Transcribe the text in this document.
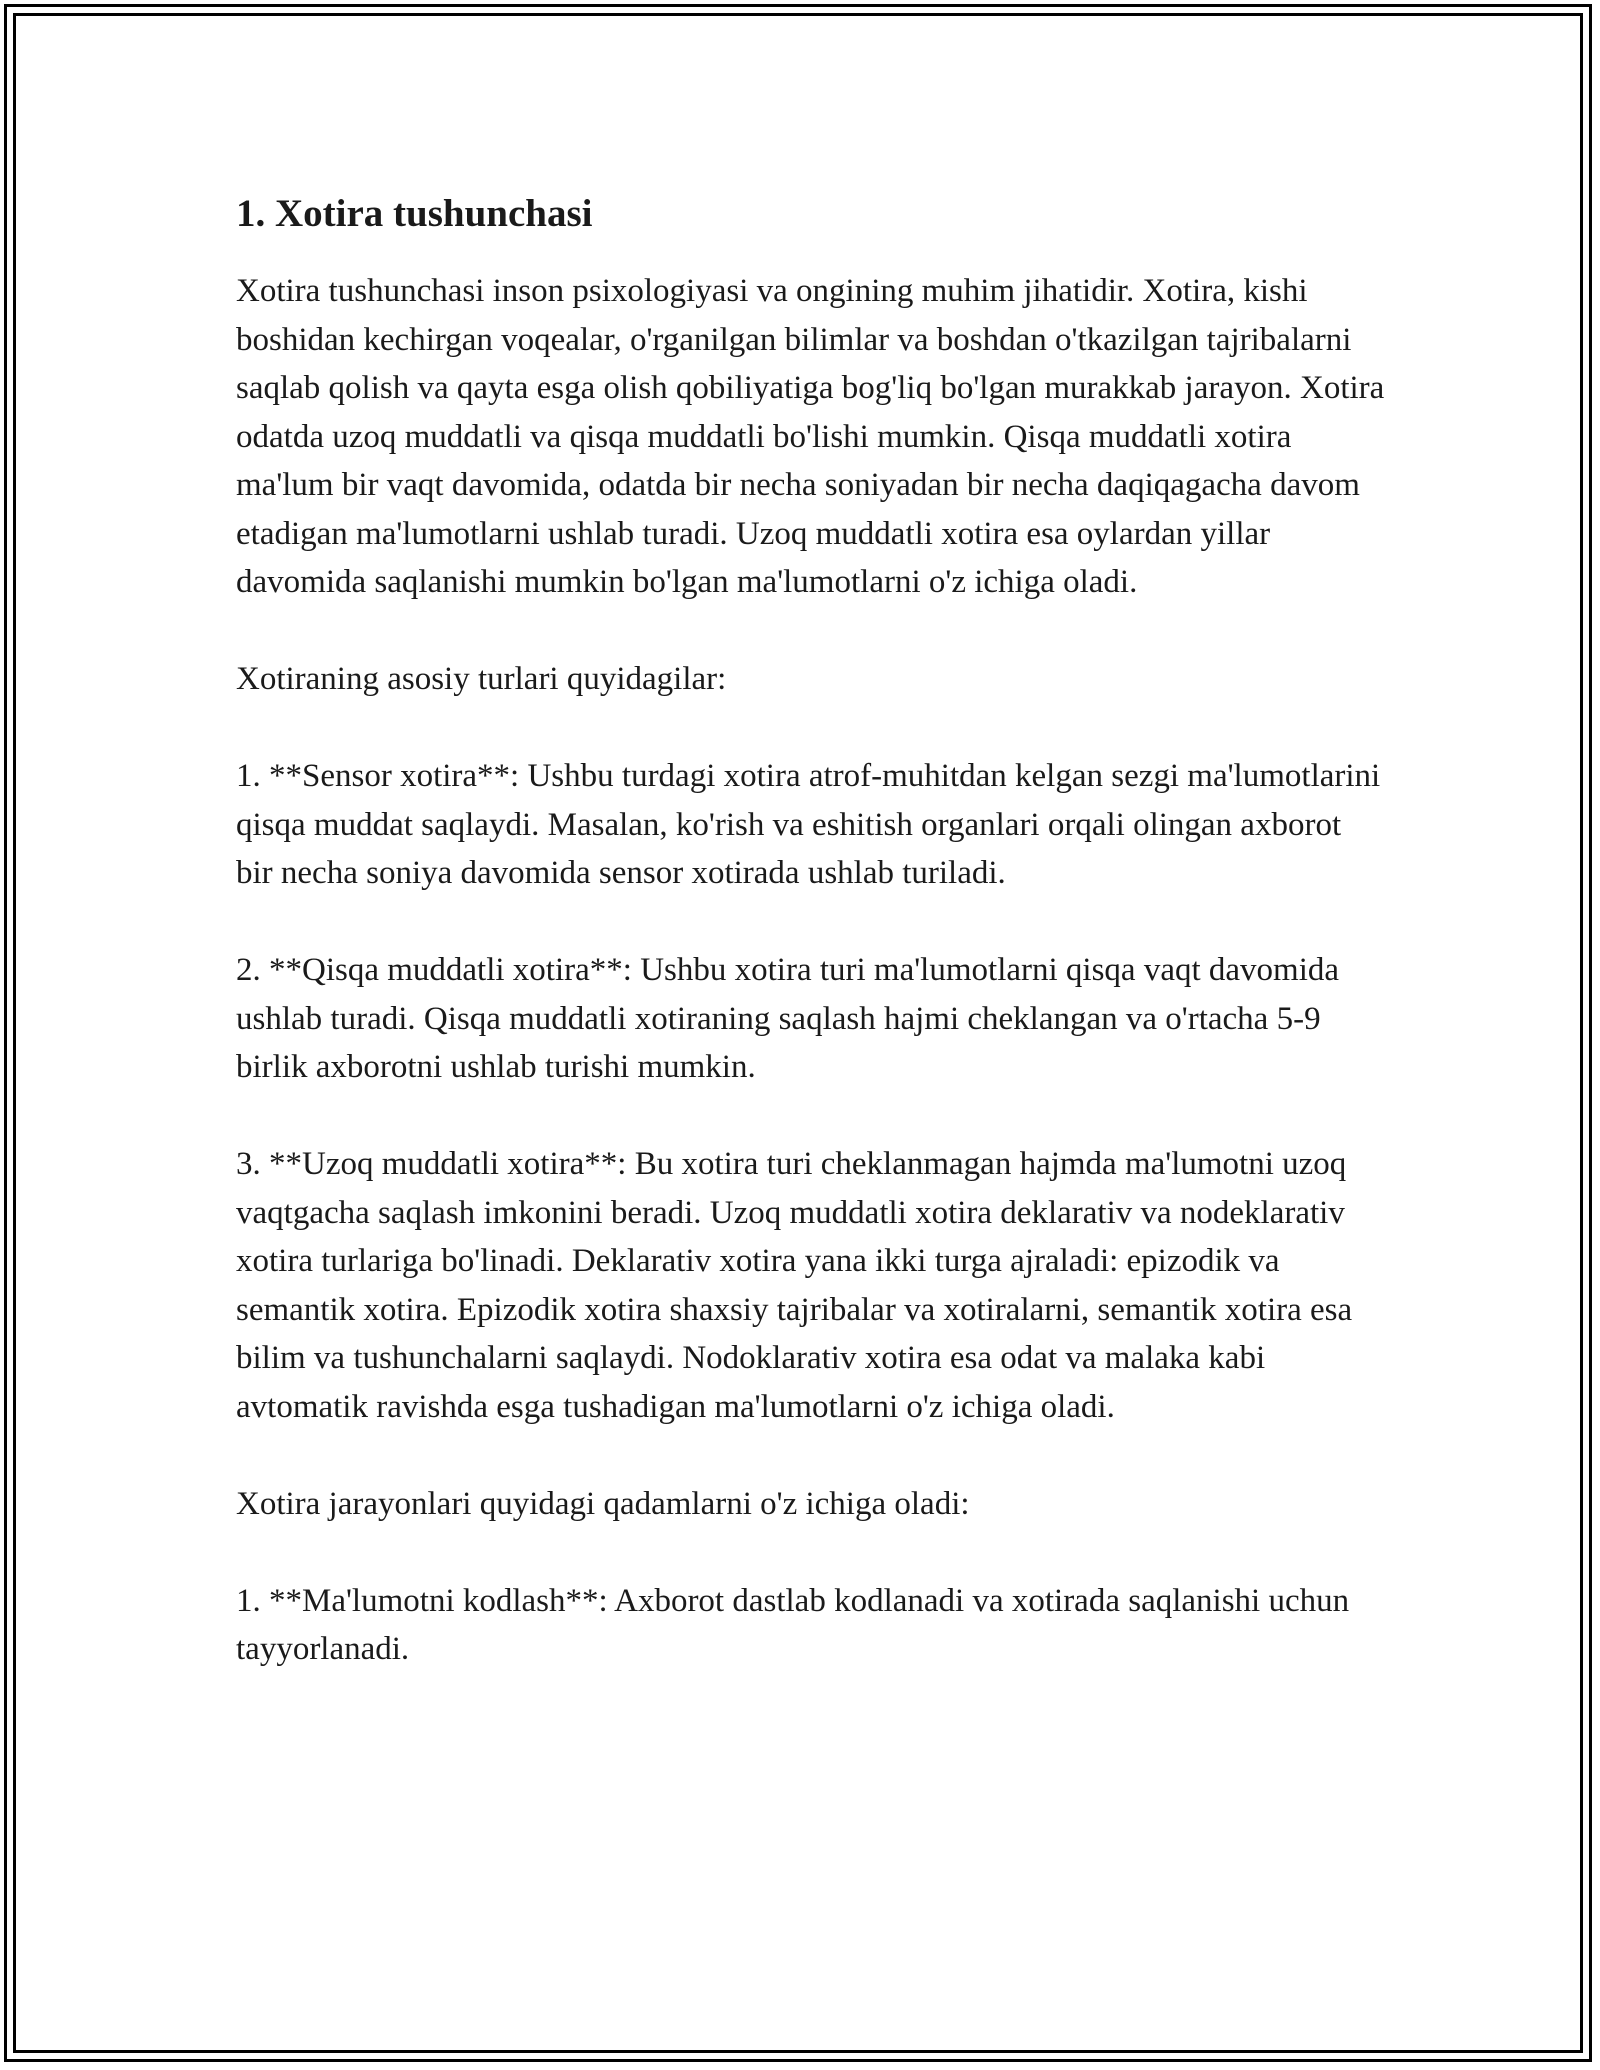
1. Xotira tushunchasi

Xotira tushunchasi inson psixologiyasi va ongining muhim jihatidir. Xotira, kishi boshidan kechirgan voqealar, o'rganilgan bilimlar va boshdan o'tkazilgan tajribalarni saqlab qolish va qayta esga olish qobiliyatiga bog'liq bo'lgan murakkab jarayon. Xotira odatda uzoq muddatli va qisqa muddatli bo'lishi mumkin. Qisqa muddatli xotira ma'lum bir vaqt davomida, odatda bir necha soniyadan bir necha daqiqagacha davom etadigan ma'lumotlarni ushlab turadi. Uzoq muddatli xotira esa oylardan yillar davomida saqlanishi mumkin bo'lgan ma'lumotlarni o'z ichiga oladi.

Xotiraning asosiy turlari quyidagilar:

1. **Sensor xotira**: Ushbu turdagi xotira atrof-muhitdan kelgan sezgi ma'lumotlarini qisqa muddat saqlaydi. Masalan, ko'rish va eshitish organlari orqali olingan axborot bir necha soniya davomida sensor xotirada ushlab turiladi.

2. **Qisqa muddatli xotira**: Ushbu xotira turi ma'lumotlarni qisqa vaqt davomida ushlab turadi. Qisqa muddatli xotiraning saqlash hajmi cheklangan va o'rtacha 5-9 birlik axborotni ushlab turishi mumkin.

3. **Uzoq muddatli xotira**: Bu xotira turi cheklanmagan hajmda ma'lumotni uzoq vaqtgacha saqlash imkonini beradi. Uzoq muddatli xotira deklarativ va nodeklarativ xotira turlariga bo'linadi. Deklarativ xotira yana ikki turga ajraladi: epizodik va semantik xotira. Epizodik xotira shaxsiy tajribalar va xotiralarni, semantik xotira esa bilim va tushunchalarni saqlaydi. Nodoklarativ xotira esa odat va malaka kabi avtomatik ravishda esga tushadigan ma'lumotlarni o'z ichiga oladi.

Xotira jarayonlari quyidagi qadamlarni o'z ichiga oladi:

1. **Ma'lumotni kodlash**: Axborot dastlab kodlanadi va xotirada saqlanishi uchun tayyorlanadi.
